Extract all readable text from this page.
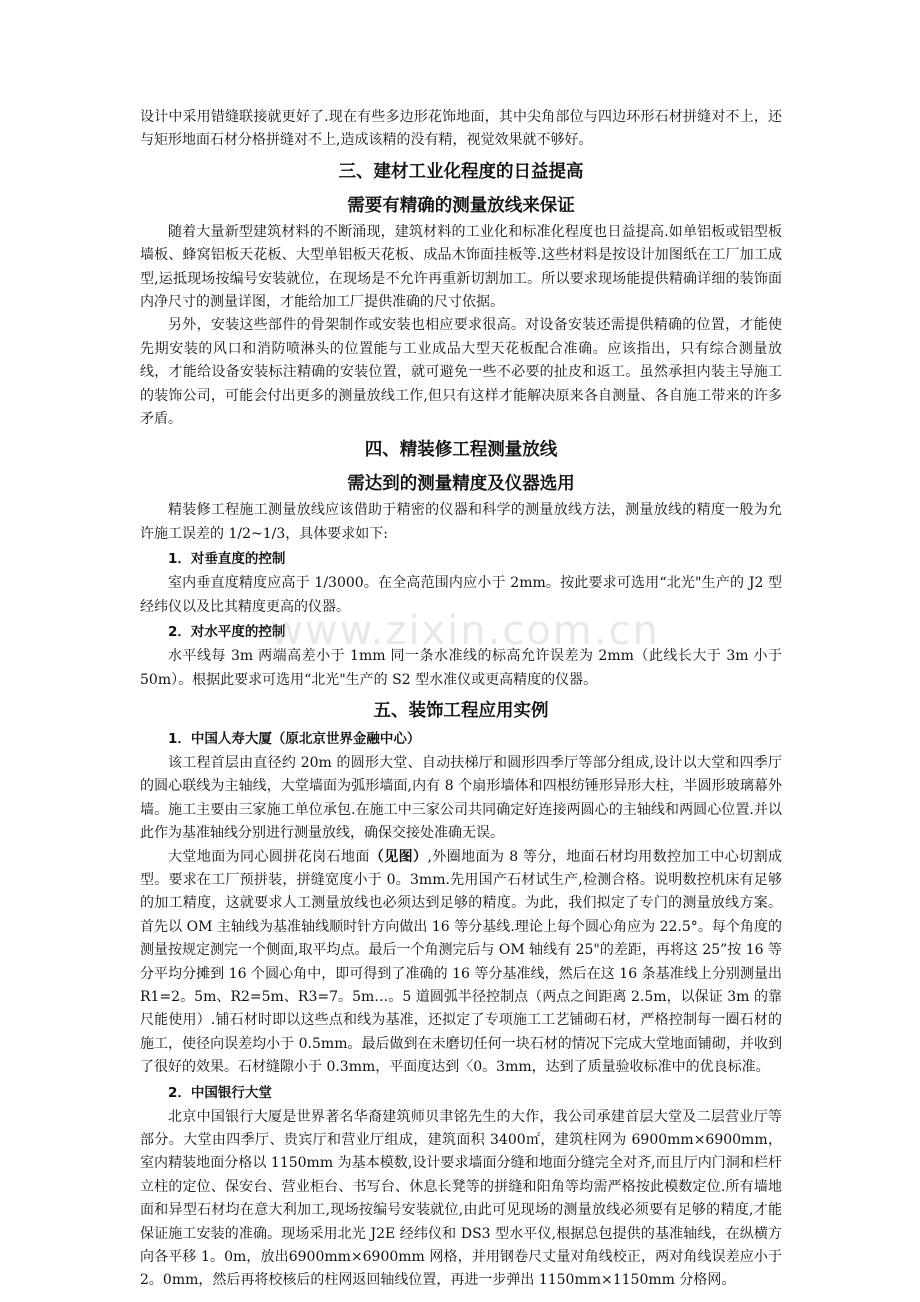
设计中采用错缝联接就更好了.现在有些多边形花饰地面，其中尖角部位与四边环形石材拼缝对不上，还与矩形地面石材分格拼缝对不上,造成该精的没有精，视觉效果就不够好。

三、建材工业化程度的日益提高
需要有精确的测量放线来保证

随着大量新型建筑材料的不断涌现，建筑材料的工业化和标准化程度也日益提高.如单铝板或铝型板墙板、蜂窝铝板天花板、大型单铝板天花板、成品木饰面挂板等.这些材料是按设计加图纸在工厂加工成型,运抵现场按编号安装就位，在现场是不允许再重新切割加工。所以要求现场能提供精确详细的装饰面内净尺寸的测量详图，才能给加工厂提供准确的尺寸依据。

另外，安装这些部件的骨架制作或安装也相应要求很高。对设备安装还需提供精确的位置，才能使先期安装的风口和消防喷淋头的位置能与工业成品大型天花板配合准确。应该指出，只有综合测量放线，才能给设备安装标注精确的安装位置，就可避免一些不必要的扯皮和返工。虽然承担内装主导施工的装饰公司，可能会付出更多的测量放线工作,但只有这样才能解决原来各自测量、各自施工带来的许多矛盾。

四、精装修工程测量放线
需达到的测量精度及仪器选用

精装修工程施工测量放线应该借助于精密的仪器和科学的测量放线方法，测量放线的精度一般为允许施工误差的 1/2~1/3，具体要求如下:

1．对垂直度的控制

室内垂直度精度应高于 1/3000。在全高范围内应小于 2mm。按此要求可选用“北光"生产的 J2 型经纬仪以及比其精度更高的仪器。

2．对水平度的控制

水平线每 3m 两端高差小于 1mm 同一条水准线的标高允许误差为 2mm（此线长大于 3m 小于 50m）。根据此要求可选用“北光"生产的 S2 型水准仪或更高精度的仪器。

五、装饰工程应用实例
1．中国人寿大厦（原北京世界金融中心）

该工程首层由直径约 20m 的圆形大堂、自动扶梯厅和圆形四季厅等部分组成,设计以大堂和四季厅的圆心联线为主轴线，大堂墙面为弧形墙面,内有 8 个扇形墙体和四根纺锤形异形大柱，半圆形玻璃幕外墙。施工主要由三家施工单位承包.在施工中三家公司共同确定好连接两圆心的主轴线和两圆心位置.并以此作为基准轴线分别进行测量放线，确保交接处准确无误。

大堂地面为同心圆拼花岗石地面（见图）,外圈地面为 8 等分，地面石材均用数控加工中心切割成型。要求在工厂预拼装，拼缝宽度小于 0。3mm.先用国产石材试生产,检测合格。说明数控机床有足够的加工精度，这就要求人工测量放线也必须达到足够的精度。为此，我们拟定了专门的测量放线方案。首先以 OM 主轴线为基准轴线顺时针方向做出 16 等分基线.理论上每个圆心角应为 22.5°。每个角度的测量按规定测完一个侧面,取平均点。最后一个角测完后与 OM 轴线有 25"的差距，再将这 25”按 16 等分平均分摊到 16 个圆心角中，即可得到了准确的 16 等分基准线，然后在这 16 条基准线上分别测量出 R1=2。5m、R2=5m、R3=7。5m…。5 道圆弧半径控制点（两点之间距离 2.5m，以保证 3m 的靠尺能使用）.铺石材时即以这些点和线为基准，还拟定了专项施工工艺铺砌石材，严格控制每一圈石材的施工，使径向误差均小于 0.5mm。最后做到在未磨切任何一块石材的情况下完成大堂地面铺砌，并收到了很好的效果。石材缝隙小于 0.3mm，平面度达到〈0。3mm，达到了质量验收标准中的优良标准。

2．中国银行大堂

北京中国银行大厦是世界著名华裔建筑师贝聿铭先生的大作，我公司承建首层大堂及二层营业厅等部分。大堂由四季厅、贵宾厅和营业厅组成，建筑面积 3400㎡，建筑柱网为 6900mm×6900mm，室内精装地面分格以 1150mm 为基本模数,设计要求墙面分缝和地面分缝完全对齐,而且厅内门洞和栏杆立柱的定位、保安台、营业柜台、书写台、休息长凳等的拼缝和阳角等均需严格按此模数定位.所有墙地面和异型石材均在意大利加工,现场按编号安装就位,由此可见现场的测量放线必须要有足够的精度,才能保证施工安装的准确。现场采用北光 J2E 经纬仪和 DS3 型水平仪,根据总包提供的基准轴线，在纵横方向各平移 1。0m，放出6900mm×6900mm 网格，并用钢卷尺丈量对角线校正，两对角线误差应小于 2。0mm，然后再将校核后的柱网返回轴线位置，再进一步弹出 1150mm×1150mm 分格网。

www.zixin.com.cn
